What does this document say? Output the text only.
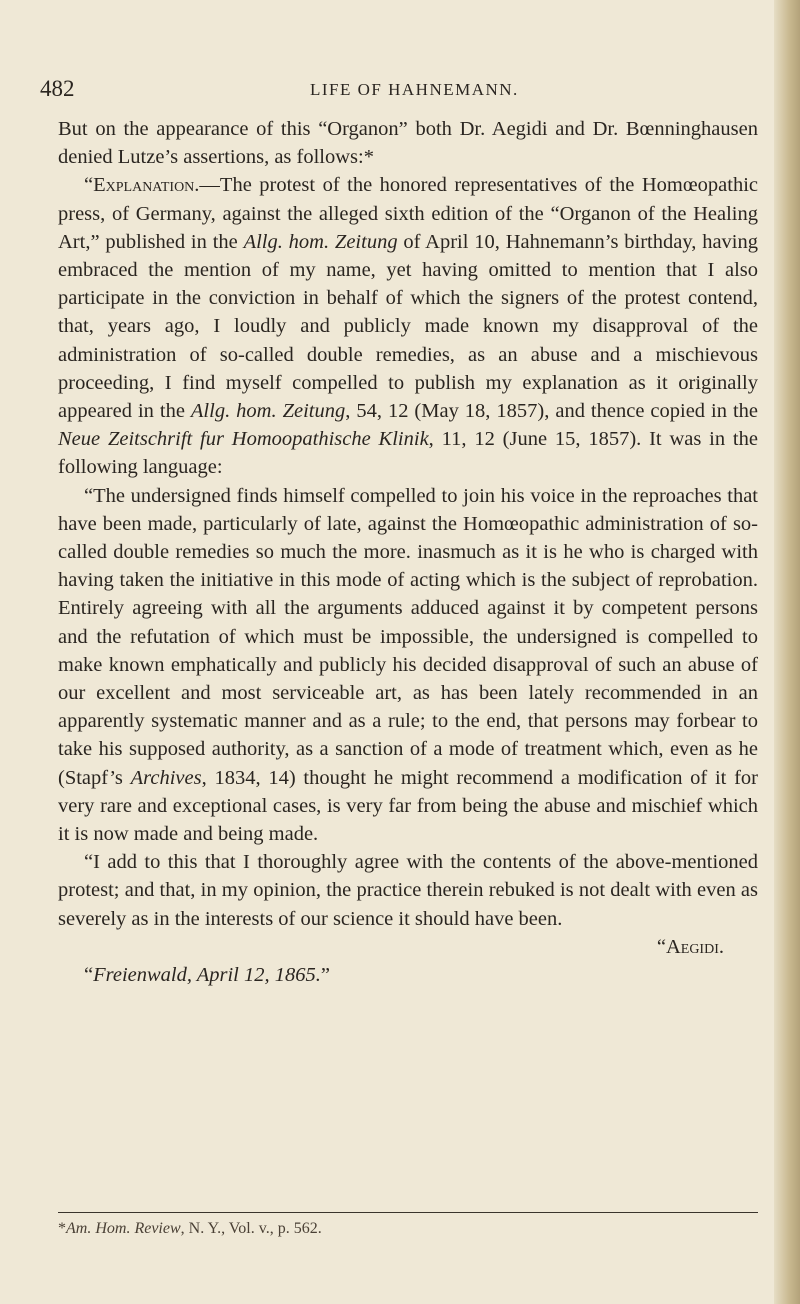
482	LIFE OF HAHNEMANN.

But on the appearance of this “Organon” both Dr. Aegidi and Dr. Bœnninghausen denied Lutze’s assertions, as follows:*

“Explanation.—The protest of the honored representatives of the Homœopathic press, of Germany, against the alleged sixth edition of the “Organon of the Healing Art,” published in the Allg. hom. Zeitung of April 10, Hahnemann’s birthday, having embraced the mention of my name, yet having omitted to mention that I also participate in the conviction in behalf of which the signers of the protest contend, that, years ago, I loudly and publicly made known my disapproval of the administration of so-called double remedies, as an abuse and a mischievous proceeding, I find myself compelled to publish my explanation as it originally appeared in the Allg. hom. Zeitung, 54, 12 (May 18, 1857), and thence copied in the Neue Zeitschrift fur Homoopathische Klinik, 11, 12 (June 15, 1857). It was in the following language:

“The undersigned finds himself compelled to join his voice in the reproaches that have been made, particularly of late, against the Homœopathic administration of so-called double remedies so much the more. inasmuch as it is he who is charged with having taken the initiative in this mode of acting which is the subject of reprobation. Entirely agreeing with all the arguments adduced against it by competent persons and the refutation of which must be impossible, the undersigned is compelled to make known emphatically and publicly his decided disapproval of such an abuse of our excellent and most serviceable art, as has been lately recommended in an apparently systematic manner and as a rule; to the end, that persons may forbear to take his supposed authority, as a sanction of a mode of treatment which, even as he (Stapf’s Archives, 1834, 14) thought he might recommend a modification of it for very rare and exceptional cases, is very far from being the abuse and mischief which it is now made and being made.

“I add to this that I thoroughly agree with the contents of the above-mentioned protest; and that, in my opinion, the practice therein rebuked is not dealt with even as severely as in the interests of our science it should have been.

“Aegidi.

“Freienwald, April 12, 1865.”

*Am. Hom. Review, N. Y., Vol. v., p. 562.
